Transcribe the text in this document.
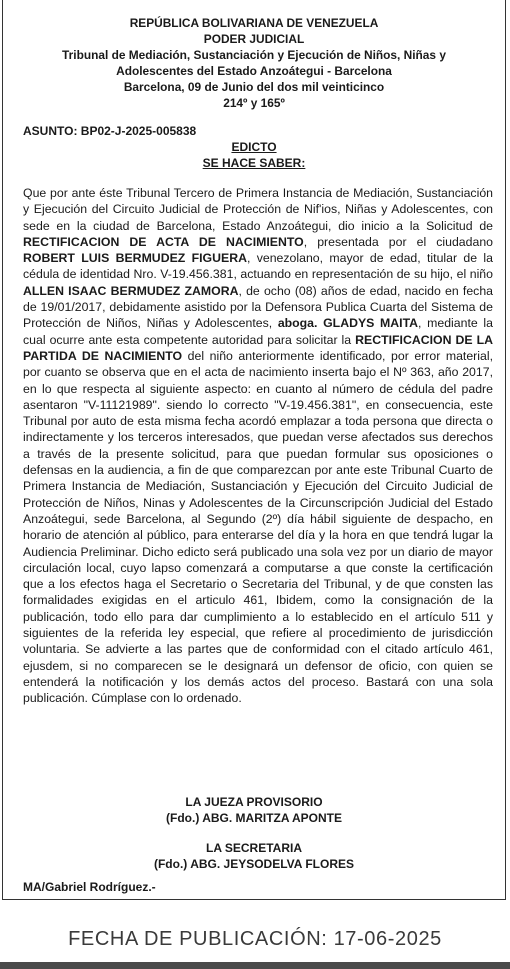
REPÚBLICA BOLIVARIANA DE VENEZUELA
PODER JUDICIAL
Tribunal de Mediación, Sustanciación y Ejecución de Niños, Niñas y
Adolescentes del Estado Anzoátegui - Barcelona
Barcelona, 09 de Junio del dos mil veinticinco
214º y 165º
ASUNTO: BP02-J-2025-005838
EDICTO
SE HACE SABER:
Que por ante éste Tribunal Tercero de Primera Instancia de Mediación, Sustanciación y Ejecución del Circuito Judicial de Protección de Nif'ios, Niñas y Adolescentes, con sede en la ciudad de Barcelona, Estado Anzoátegui, dio inicio a la Solicitud de RECTIFICACION DE ACTA DE NACIMIENTO, presentada por el ciudadano ROBERT LUIS BERMUDEZ FIGUERA, venezolano, mayor de edad, titular de la cédula de identidad Nro. V-19.456.381, actuando en representación de su hijo, el niño ALLEN ISAAC BERMUDEZ ZAMORA, de ocho (08) años de edad, nacido en fecha de 19/01/2017, debidamente asistido por la Defensora Publica Cuarta del Sistema de Protección de Niños, Niñas y Adolescentes, aboga. GLADYS MAITA, mediante la cual ocurre ante esta competente autoridad para solicitar la RECTIFICACION DE LA PARTIDA DE NACIMIENTO del niño anteriormente identificado, por error material, por cuanto se observa que en el acta de nacimiento inserta bajo el Nº 363, año 2017, en lo que respecta al siguiente aspecto: en cuanto al número de cédula del padre asentaron "V-11121989". siendo lo correcto "V-19.456.381", en consecuencia, este Tribunal por auto de esta misma fecha acordó emplazar a toda persona que directa o indirectamente y los terceros interesados, que puedan verse afectados sus derechos a través de la presente solicitud, para que puedan formular sus oposiciones o defensas en la audiencia, a fin de que comparezcan por ante este Tribunal Cuarto de Primera Instancia de Mediación, Sustanciación y Ejecución del Circuito Judicial de Protección de Niños, Ninas y Adolescentes de la Circunscripción Judicial del Estado Anzoátegui, sede Barcelona, al Segundo (2º) día hábil siguiente de despacho, en horario de atención al público, para enterarse del día y la hora en que tendrá lugar la Audiencia Preliminar. Dicho edicto será publicado una sola vez por un diario de mayor circulación local, cuyo lapso comenzará a computarse a que conste la certificación que a los efectos haga el Secretario o Secretaria del Tribunal, y de que consten las formalidades exigidas en el articulo 461, Ibidem, como la consignación de la publicación, todo ello para dar cumplimiento a lo establecido en el artículo 511 y siguientes de la referida ley especial, que refiere al procedimiento de jurisdicción voluntaria. Se advierte a las partes que de conformidad con el citado artículo 461, ejusdem, si no comparecen se le designará un defensor de oficio, con quien se entenderá la notificación y los demás actos del proceso. Bastará con una sola publicación. Cúmplase con lo ordenado.
LA JUEZA PROVISORIO
(Fdo.) ABG. MARITZA APONTE
LA SECRETARIA
(Fdo.) ABG. JEYSODELVA FLORES
MA/Gabriel Rodríguez.-
FECHA DE PUBLICACIÓN: 17-06-2025
